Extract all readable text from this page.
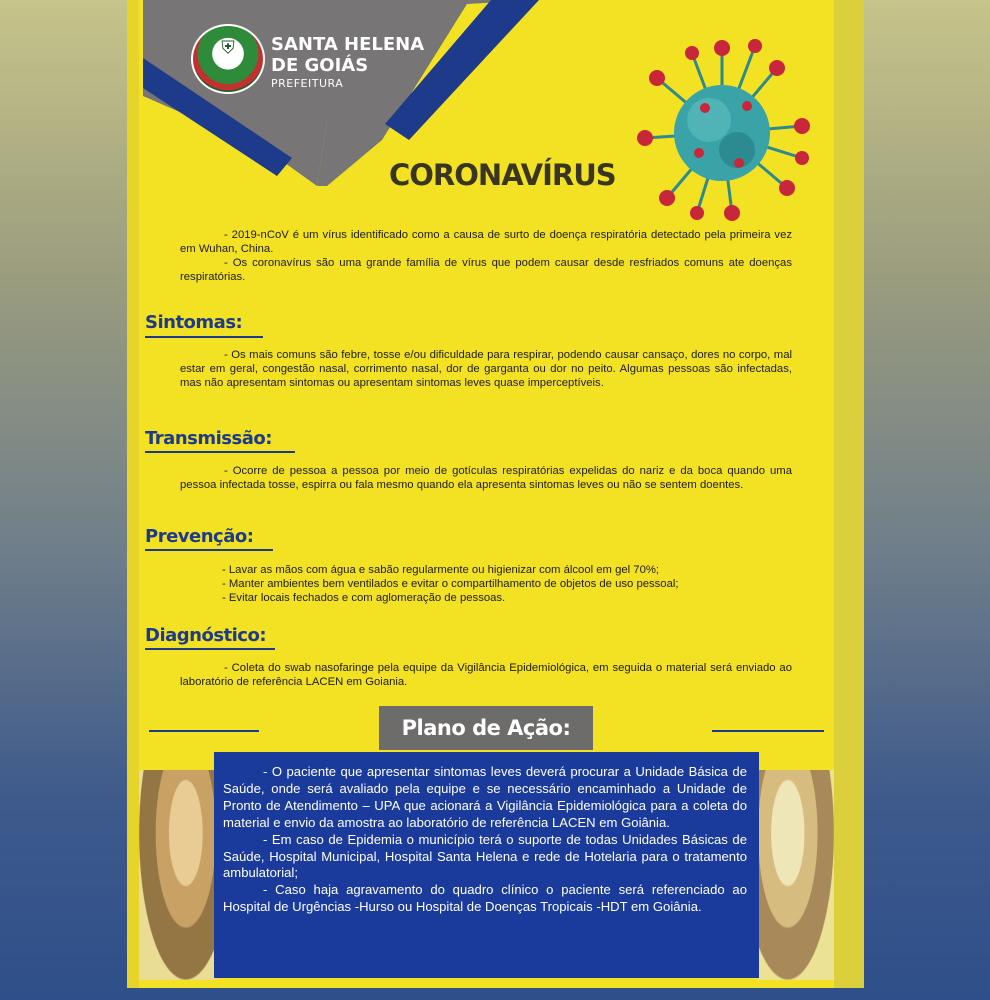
⛨ SANTA HELENA
DE GOIÁS
PREFEITURA
CORONAVÍRUS

- 2019-nCoV é um vírus identificado como a causa de surto de doença respiratória detectado pela primeira vez em Wuhan, China.

- Os coronavírus são uma grande família de vírus que podem causar desde resfriados comuns ate doenças respiratórias.

Sintomas:

- Os mais comuns são febre, tosse e/ou dificuldade para respirar, podendo causar cansaço, dores no corpo, mal estar em geral, congestão nasal, corrimento nasal, dor de garganta ou dor no peito. Algumas pessoas são infectadas, mas não apresentam sintomas ou apresentam sintomas leves quase imperceptíveis.

Transmissão:

- Ocorre de pessoa a pessoa por meio de gotículas respiratórias expelidas do nariz e da boca quando uma pessoa infectada tosse, espirra ou fala mesmo quando ela apresenta sintomas leves ou não se sentem doentes.

Prevenção:

- Lavar as mãos com água e sabão regularmente ou higienizar com álcool em gel 70%;

- Manter ambientes bem ventilados e evitar o compartilhamento de objetos de uso pessoal;

- Evitar locais fechados e com aglomeração de pessoas.

Diagnóstico:

- Coleta do swab nasofaringe pela equipe da Vigilância Epidemiológica, em seguida o material será enviado ao laboratório de referência LACEN em Goiania.

Plano de Ação:

- O paciente que apresentar sintomas leves deverá procurar a Unidade Básica de Saúde, onde será avaliado pela equipe e se necessário encaminhado a Unidade de Pronto de Atendimento – UPA que acionará a Vigilância Epidemiológica para a coleta do material e envio da amostra ao laboratório de referência LACEN em Goiânia.

- Em caso de Epidemia o município terá o suporte de todas Unidades Básicas de Saúde, Hospital Municipal, Hospital Santa Helena e rede de Hotelaria para o tratamento ambulatorial;

- Caso haja agravamento do quadro clínico o paciente será referenciado ao Hospital de Urgências -Hurso ou Hospital de Doenças Tropicais -HDT em Goiânia.
